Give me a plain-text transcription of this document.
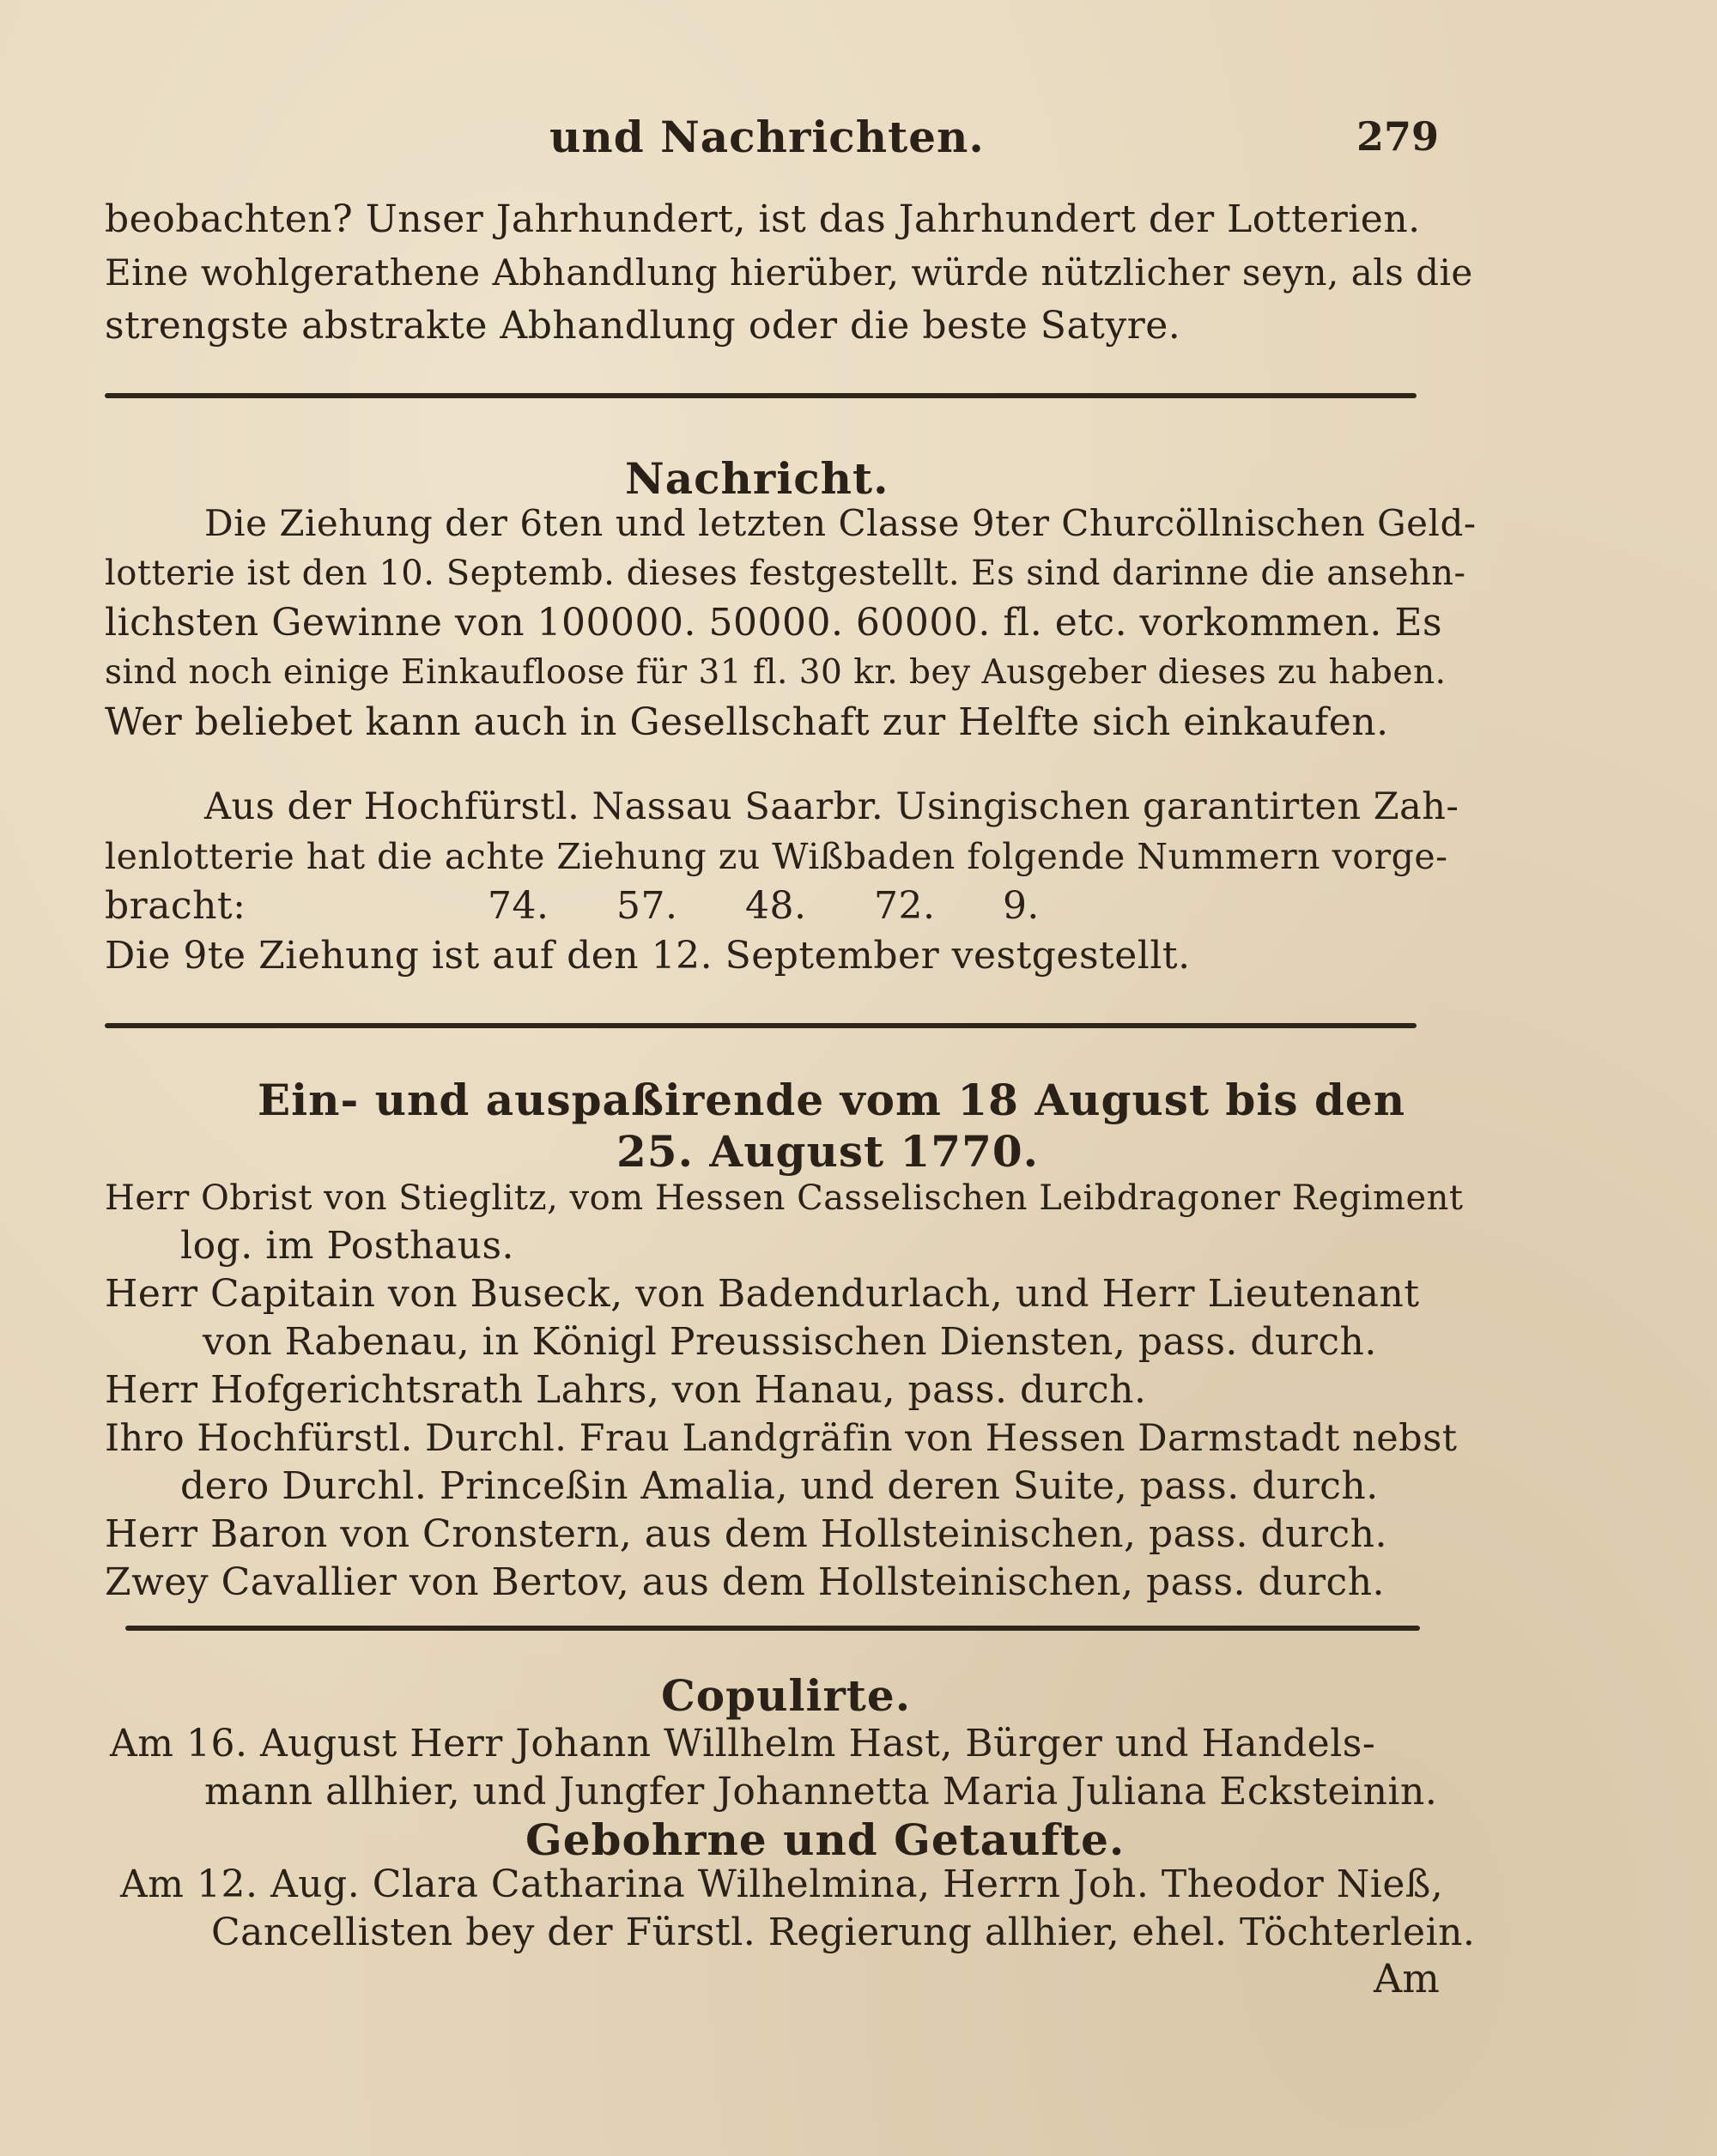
und Nachrichten.	279
beobachten? Unser Jahrhundert, ist das Jahrhundert der Lotterien.
Eine wohlgerathene Abhandlung hierüber, würde nützlicher seyn, als die
strengste abstrakte Abhandlung oder die beste Satyre.
Nachricht.
Die Ziehung der 6ten und letzten Classe 9ter Churcöllnischen Geld-
lotterie ist den 10. Septemb. dieses festgestellt. Es sind darinne die ansehn-
lichsten Gewinne von 100000. 50000. 60000. fl. etc. vorkommen. Es
sind noch einige Einkaufloose für 31 fl. 30 kr. bey Ausgeber dieses zu haben.
Wer beliebet kann auch in Gesellschaft zur Helfte sich einkaufen.
Aus der Hochfürstl. Nassau Saarbr. Usingischen garantirten Zah-
lenlotterie hat die achte Ziehung zu Wißbaden folgende Nummern vorge-
bracht:	74. 57. 48. 72. 9.
Die 9te Ziehung ist auf den 12. September vestgestellt.
Ein- und auspaßirende vom 18 August bis den
25. August 1770.
Herr Obrist von Stieglitz, vom Hessen Casselischen Leibdragoner Regiment
log. im Posthaus.
Herr Capitain von Buseck, von Badendurlach, und Herr Lieutenant
von Rabenau, in Königl Preussischen Diensten, pass. durch.
Herr Hofgerichtsrath Lahrs, von Hanau, pass. durch.
Ihro Hochfürstl. Durchl. Frau Landgräfin von Hessen Darmstadt nebst
dero Durchl. Princeßin Amalia, und deren Suite, pass. durch.
Herr Baron von Cronstern, aus dem Hollsteinischen, pass. durch.
Zwey Cavallier von Bertov, aus dem Hollsteinischen, pass. durch.
Copulirte.
Am 16. August Herr Johann Willhelm Hast, Bürger und Handels-
mann allhier, und Jungfer Johannetta Maria Juliana Ecksteinin.
Gebohrne und Getaufte.
Am 12. Aug. Clara Catharina Wilhelmina, Herrn Joh. Theodor Nieß,
Cancellisten bey der Fürstl. Regierung allhier, ehel. Töchterlein.
Am
